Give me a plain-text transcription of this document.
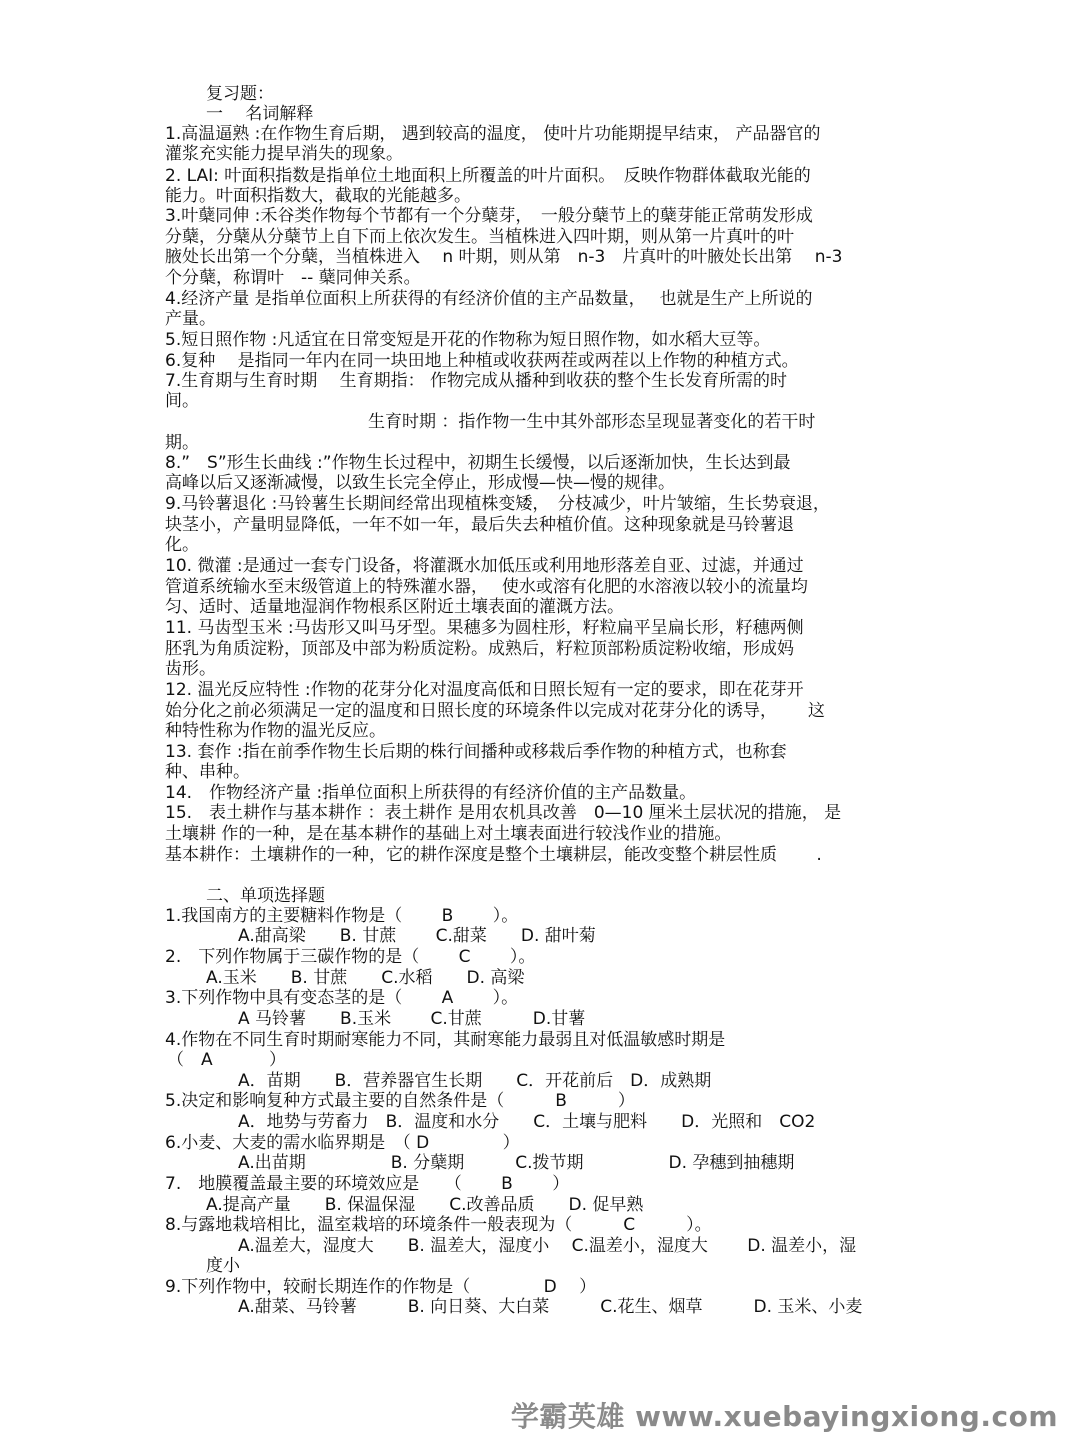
复习题：
一　 名词解释
1.高温逼熟 :在作物生育后期， 遇到较高的温度， 使叶片功能期提早结束， 产品器官的
灌浆充实能力提早消失的现象。
2. LAI: 叶面积指数是指单位土地面积上所覆盖的叶片面积。　反映作物群体截取光能的
能力。叶面积指数大，截取的光能越多。
3.叶蘖同伸 :禾谷类作物每个节都有一个分蘖芽，　一般分蘖节上的蘖芽能正常萌发形成
分蘖，分蘖从分蘖节上自下而上依次发生。当植株进入四叶期，则从第一片真叶的叶
腋处长出第一个分蘖，当植株进入　 n 叶期，则从第　n-3　片真叶的叶腋处长出第　 n-3
个分蘖，称谓叶　-- 蘖同伸关系。
4.经济产量 是指单位面积上所获得的有经济价值的主产品数量，　 也就是生产上所说的
产量。
5.短日照作物 :凡适宜在日常变短是开花的作物称为短日照作物，如水稻大豆等。
6.复种　 是指同一年内在同一块田地上种植或收获两茬或两茬以上作物的种植方式。
7.生育期与生育时期　 生育期指： 作物完成从播种到收获的整个生长发育所需的时
间。
生育时期 ：指作物一生中其外部形态呈现显著变化的若干时
期。
8.”　S”形生长曲线 :”作物生长过程中，初期生长缓慢，以后逐渐加快，生长达到最
高峰以后又逐渐减慢，以致生长完全停止，形成慢—快—慢的规律。
9.马铃薯退化 :马铃薯生长期间经常出现植株变矮，　分枝减少，叶片皱缩，生长势衰退，
块茎小，产量明显降低，一年不如一年，最后失去种植价值。这种现象就是马铃薯退
化。
10. 微灌 :是通过一套专门设备，将灌溉水加低压或利用地形落差自亚、过滤，并通过
管道系统输水至末级管道上的特殊灌水器，　 使水或溶有化肥的水溶液以较小的流量均
匀、适时、适量地湿润作物根系区附近土壤表面的灌溉方法。
11. 马齿型玉米 :马齿形又叫马牙型。果穗多为圆柱形，籽粒扁平呈扁长形，籽穗两侧
胚乳为角质淀粉，顶部及中部为粉质淀粉。成熟后，籽粒顶部粉质淀粉收缩，形成妈
齿形。
12. 温光反应特性 :作物的花芽分化对温度高低和日照长短有一定的要求，即在花芽开
始分化之前必须满足一定的温度和日照长度的环境条件以完成对花芽分化的诱导，　　 这
种特性称为作物的温光反应。
13. 套作 :指在前季作物生长后期的株行间播种或移栽后季作物的种植方式，也称套
种、串种。
14.　作物经济产量 :指单位面积上所获得的有经济价值的主产品数量。
15.　表土耕作与基本耕作 ：表土耕作 是用农机具改善　0—10 厘米土层状况的措施， 是
土壤耕 作的一种，是在基本耕作的基础上对土壤表面进行较浅作业的措施。
基本耕作：土壤耕作的一种，它的耕作深度是整个土壤耕层，能改变整个耕层性质　　 .
二、单项选择题
1.我国南方的主要糖料作物是（　　 B　　 ）。
A.甜高梁　　B. 甘蔗　　 C.甜菜　　D. 甜叶菊
2.　下列作物属于三碳作物的是（　　 C　　 ）。
A.玉米　　B. 甘蔗　　C.水稻　　D. 高梁
3.下列作物中具有变态茎的是（　　 A　　 ）。
A 马铃薯　　B.玉米　　 C.甘蔗　　　D.甘薯
4.作物在不同生育时期耐寒能力不同，其耐寒能力最弱且对低温敏感时期是
（　A　　　 ）
A．苗期　　B．营养器官生长期　　C．开花前后　D．成熟期
5.决定和影响复种方式最主要的自然条件是（　　　B　　　）
A．地势与劳畜力　B．温度和水分　　C．土壤与肥料　　D．光照和　CO2
6.小麦、大麦的需水临界期是　（ D　　　　 ）
A.出苗期　　　　　B. 分蘖期　　　C.拨节期　　　　　D. 孕穗到抽穗期
7.　地膜覆盖最主要的环境效应是　　（　　 B　　 ）
A.提高产量　　B. 保温保湿　　C.改善品质　　D. 促早熟
8.与露地栽培相比，温室栽培的环境条件一般表现为（　　　C　　　）。
A.温差大，湿度大　　B. 温差大，湿度小　 C.温差小，湿度大　　 D. 温差小，湿
度小
9.下列作物中，较耐长期连作的作物是（　　　　 D　 ）
A.甜菜、马铃薯　　　B. 向日葵、大白菜　　　C.花生、烟草　　　D. 玉米、小麦
学霸英雄 www.xuebayingxiong.com
